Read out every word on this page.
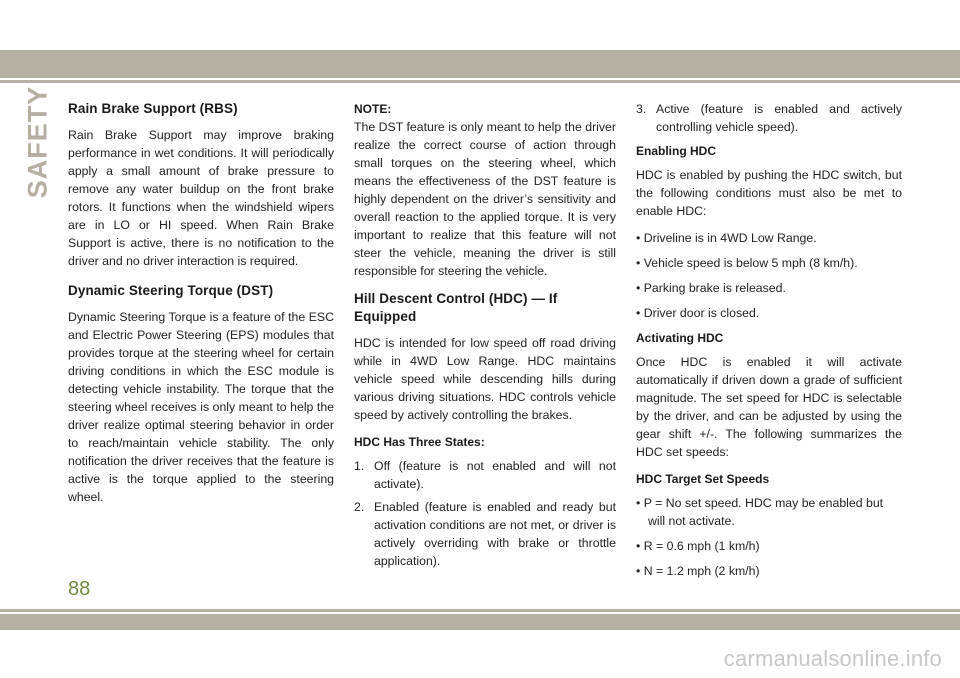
SAFETY Rain Brake Support (RBS)

Rain Brake Support may improve braking performance in wet conditions. It will periodically apply a small amount of brake pressure to remove any water buildup on the front brake rotors. It functions when the windshield wipers are in LO or HI speed. When Rain Brake Support is active, there is no notification to the driver and no driver interaction is required.

Dynamic Steering Torque (DST)

Dynamic Steering Torque is a feature of the ESC and Electric Power Steering (EPS) modules that provides torque at the steering wheel for certain driving conditions in which the ESC module is detecting vehicle instability. The torque that the steering wheel receives is only meant to help the driver realize optimal steering behavior in order to reach/maintain vehicle stability. The only notification the driver receives that the feature is active is the torque applied to the steering wheel.

NOTE:

The DST feature is only meant to help the driver realize the correct course of action through small torques on the steering wheel, which means the effectiveness of the DST feature is highly dependent on the driver’s sensitivity and overall reaction to the applied torque. It is very important to realize that this feature will not steer the vehicle, meaning the driver is still responsible for steering the vehicle.

Hill Descent Control (HDC) — If Equipped

HDC is intended for low speed off road driving while in 4WD Low Range. HDC maintains vehicle speed while descending hills during various driving situations. HDC controls vehicle speed by actively controlling the brakes.

HDC Has Three States:
1. Off (feature is not enabled and will not activate).
2. Enabled (feature is enabled and ready but activation conditions are not met, or driver is actively overriding with brake or throttle application).
3. Active (feature is enabled and actively controlling vehicle speed).
Enabling HDC

HDC is enabled by pushing the HDC switch, but the following conditions must also be met to enable HDC:

• Driveline is in 4WD Low Range.
• Vehicle speed is below 5 mph (8 km/h).
• Parking brake is released.
• Driver door is closed.
Activating HDC

Once HDC is enabled it will activate automatically if driven down a grade of sufficient magnitude. The set speed for HDC is selectable by the driver, and can be adjusted by using the gear shift +/-. The following summarizes the HDC set speeds:

HDC Target Set Speeds
• P = No set speed. HDC may be enabled but will not activate.
• R = 0.6 mph (1 km/h)
• N = 1.2 mph (2 km/h)
88
carmanualsonline.info
